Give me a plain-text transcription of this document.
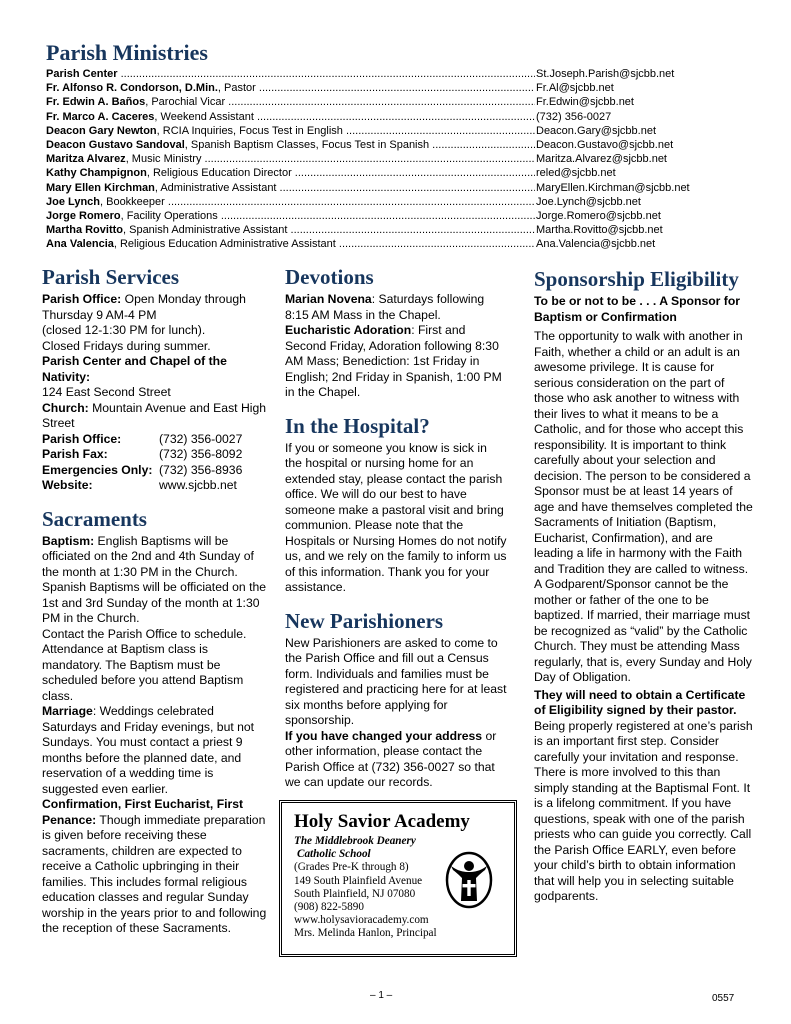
Parish Ministries
Parish Center .....	St.Joseph.Parish@sjcbb.net
Fr. Alfonso R. Condorson, D.Min., Pastor .....	Fr.Al@sjcbb.net
Fr. Edwin A. Baños, Parochial Vicar .....	Fr.Edwin@sjcbb.net
Fr. Marco A. Caceres, Weekend Assistant .....	(732) 356-0027
Deacon Gary Newton, RCIA Inquiries, Focus Test in English .....	Deacon.Gary@sjcbb.net
Deacon Gustavo Sandoval, Spanish Baptism Classes, Focus Test in Spanish .....	Deacon.Gustavo@sjcbb.net
Maritza Alvarez, Music Ministry .....	Maritza.Alvarez@sjcbb.net
Kathy Champignon, Religious Education Director .....	reled@sjcbb.net
Mary Ellen Kirchman, Administrative Assistant .....	MaryEllen.Kirchman@sjcbb.net
Joe Lynch, Bookkeeper .....	Joe.Lynch@sjcbb.net
Jorge Romero, Facility Operations .....	Jorge.Romero@sjcbb.net
Martha Rovitto, Spanish Administrative Assistant .....	Martha.Rovitto@sjcbb.net
Ana Valencia, Religious Education Administrative Assistant .....	Ana.Valencia@sjcbb.net
Parish Services

Parish Office: Open Monday through Thursday 9 AM-4 PM

(closed 12-1:30 PM for lunch).

Closed Fridays during summer.

Parish Center and Chapel of the Nativity:

124 East Second Street

Church: Mountain Avenue and East High Street

Parish Office:	(732) 356-0027
Parish Fax:	(732) 356-8092
Emergencies Only: (732) 356-8936
Website:	www.sjcbb.net
Sacraments

Baptism: English Baptisms will be officiated on the 2nd and 4th Sunday of the month at 1:30 PM in the Church. Spanish Baptisms will be officiated on the 1st and 3rd Sunday of the month at 1:30 PM in the Church.

Contact the Parish Office to schedule. Attendance at Baptism class is mandatory. The Baptism must be scheduled before you attend Baptism class.

Marriage: Weddings celebrated Saturdays and Friday evenings, but not Sundays. You must contact a priest 9 months before the planned date, and reservation of a wedding time is suggested even earlier.

Confirmation, First Eucharist, First Penance: Though immediate preparation is given before receiving these sacraments, children are expected to receive a Catholic upbringing in their families. This includes formal religious education classes and regular Sunday worship in the years prior to and following the reception of these Sacraments.

Devotions

Marian Novena: Saturdays following 8:15 AM Mass in the Chapel.

Eucharistic Adoration: First and Second Friday, Adoration following 8:30 AM Mass; Benediction: 1st Friday in English; 2nd Friday in Spanish, 1:00 PM in the Chapel.

In the Hospital?

If you or someone you know is sick in the hospital or nursing home for an extended stay, please contact the parish office. We will do our best to have someone make a pastoral visit and bring communion. Please note that the Hospitals or Nursing Homes do not notify us, and we rely on the family to inform us of this information. Thank you for your assistance.

New Parishioners

New Parishioners are asked to come to the Parish Office and fill out a Census form. Individuals and families must be registered and practicing here for at least six months before applying for sponsorship.

If you have changed your address or other information, please contact the Parish Office at (732) 356-0027 so that we can update our records.

Sponsorship Eligibility

To be or not to be . . . A Sponsor for Baptism or Confirmation

The opportunity to walk with another in Faith, whether a child or an adult is an awesome privilege. It is cause for serious consideration on the part of those who ask another to witness with their lives to what it means to be a Catholic, and for those who accept this responsibility. It is important to think carefully about your selection and decision. The person to be considered a Sponsor must be at least 14 years of age and have themselves completed the Sacraments of Initiation (Baptism, Eucharist, Confirmation), and are leading a life in harmony with the Faith and Tradition they are called to witness. A Godparent/Sponsor cannot be the mother or father of the one to be baptized. If married, their marriage must be recognized as “valid” by the Catholic Church. They must be attending Mass regularly, that is, every Sunday and Holy Day of Obligation.

They will need to obtain a Certificate of Eligibility signed by their pastor.

Being properly registered at one’s parish is an important first step. Consider carefully your invitation and response. There is more involved to this than simply standing at the Baptismal Font. It is a lifelong commitment. If you have questions, speak with one of the parish priests who can guide you correctly. Call the Parish Office EARLY, even before your child’s birth to obtain information that will help you in selecting suitable godparents.

Holy Savior Academy
The Middlebrook Deanery
Catholic School
(Grades Pre-K through 8)
149 South Plainfield Avenue
South Plainfield, NJ 07080
(908) 822-5890
www.holysavioracademy.com
Mrs. Melinda Hanlon, Principal
– 1 –	0557
